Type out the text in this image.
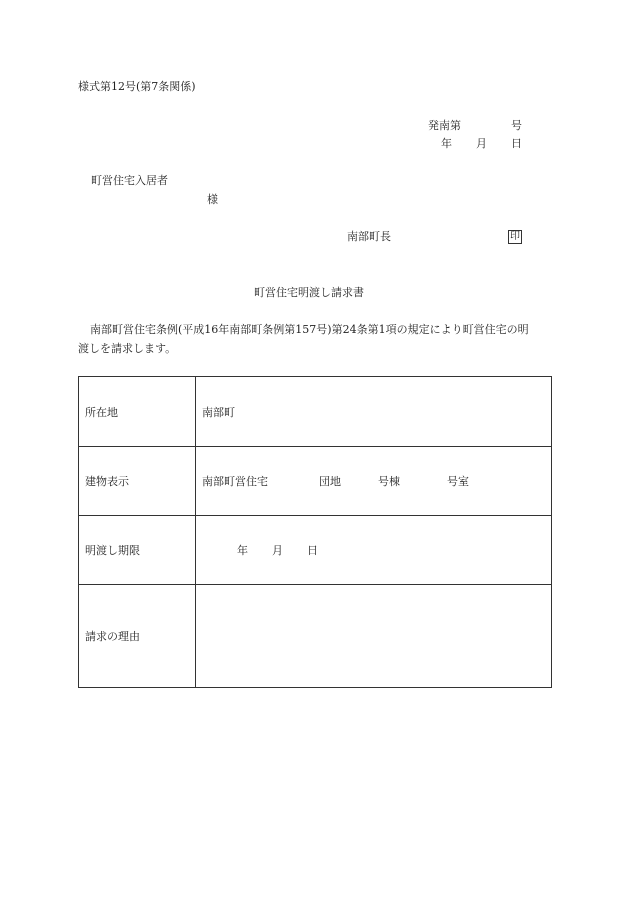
様式第12号(第7条関係)
発南第	号
年 月 日
町営住宅入居者
様
南部町長	印
町営住宅明渡し請求書
南部町営住宅条例(平成16年南部町条例第157号)第24条第1項の規定により町営住宅の明
渡しを請求します。
所在地	南部町
建物表示	南部町営住宅 団地 号棟 号室
明渡し期限	年 月 日
請求の理由	
